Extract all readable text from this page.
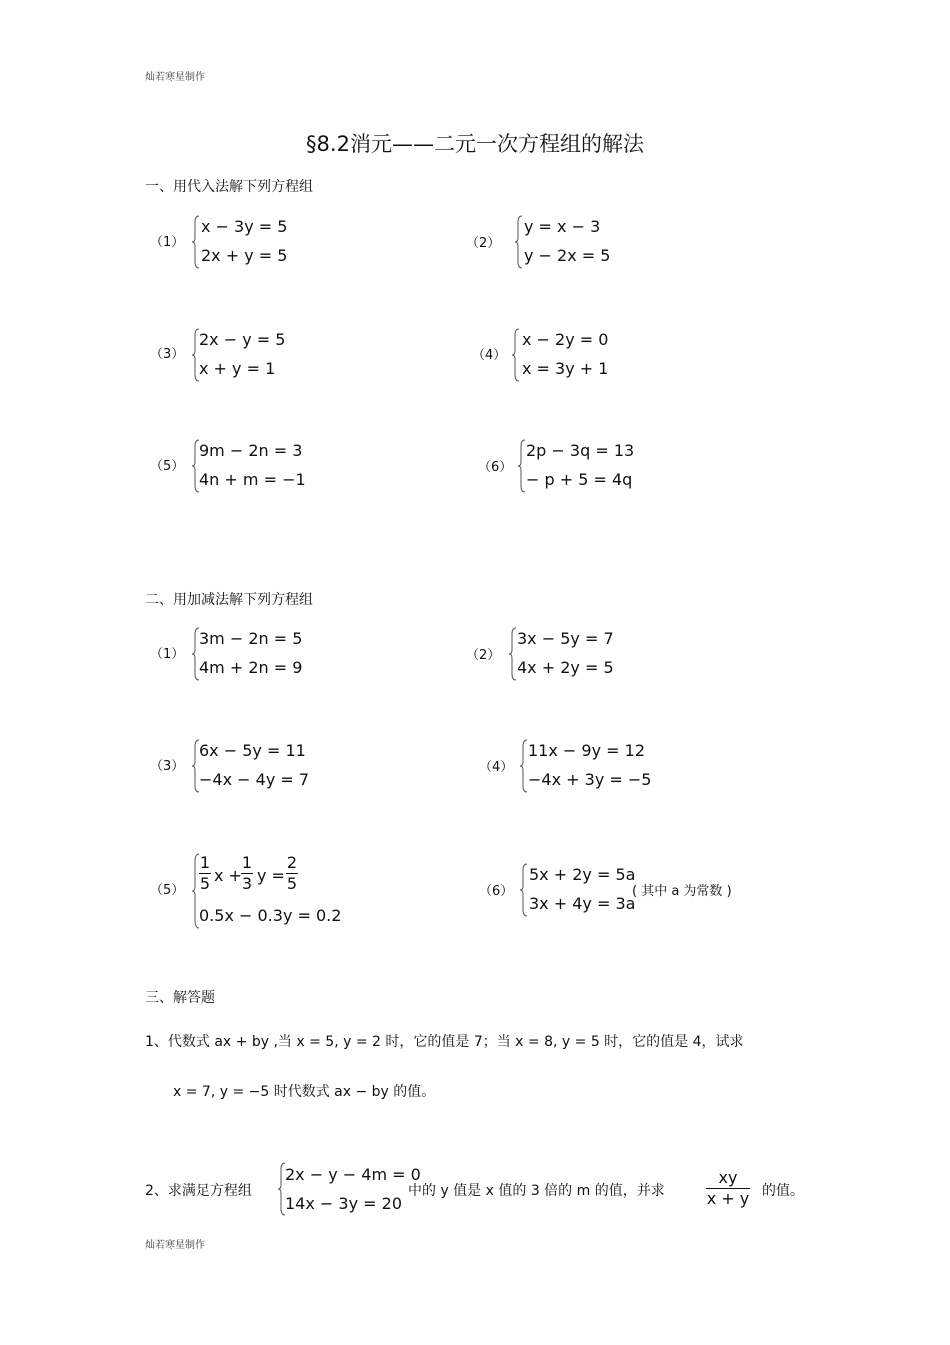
灿若寒星制作
§8.2消元——二元一次方程组的解法
一、用代入法解下列方程组
（1）
x − 3y = 5
2x + y = 5
（2）
y = x − 3
y − 2x = 5
（3）
2x − y = 5
x + y = 1
（4）
x − 2y = 0
x = 3y + 1
（5）
9m − 2n = 3
4n + m = −1
（6）
2p − 3q = 13
− p + 5 = 4q
二、用加减法解下列方程组
（1）
3m − 2n = 5
4m + 2n = 9
（2）
3x − 5y = 7
4x + 2y = 5
（3）
6x − 5y = 11
−4x − 4y = 7
（4）
11x − 9y = 12
−4x + 3y = −5
（5）
1
5 x +
1
3 y =
2
5
0.5x − 0.3y = 0.2
（6）
5x + 2y = 5a
3x + 4y = 3a
( 其中 a 为常数 )
三、解答题
1、代数式 ax + by ,当 x = 5, y = 2 时，它的值是 7；当 x = 8, y = 5 时，它的值是 4，试求
x = 7, y = −5 时代数式 ax − by 的值。
2、求满足方程组
2x − y − 4m = 0
14x − 3y = 20
中的 y 值是 x 值的 3 倍的 m 的值，并求
xy
x + y 的值。
灿若寒星制作
